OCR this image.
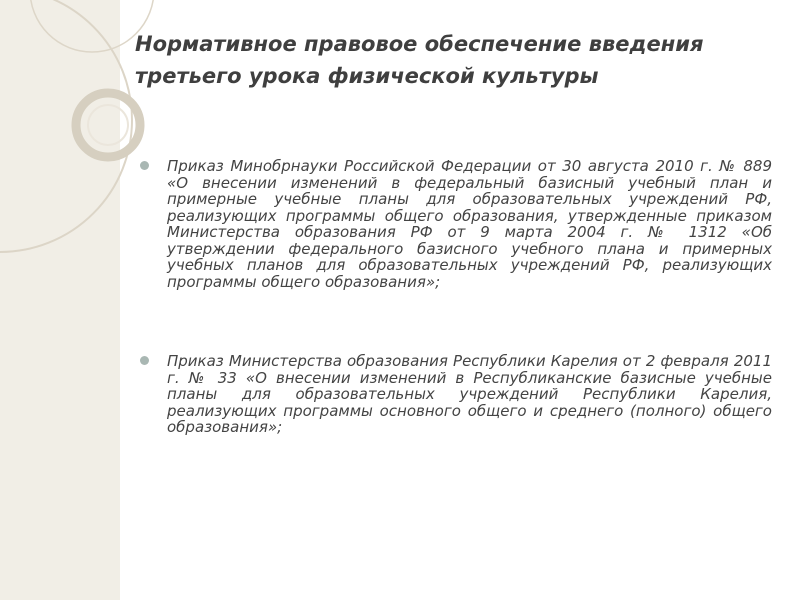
Нормативное правовое обеспечение введения третьего урока физической культуры
Приказ Минобрнауки Российской Федерации от 30 августа 2010 г. № 889 «О внесении изменений в федеральный базисный учебный план и примерные учебные планы для образовательных учреждений РФ, реализующих программы общего образования, утвержденные приказом Министерства образования РФ от 9 марта 2004 г. № 1312 «Об утверждении федерального базисного учебного плана и примерных учебных планов для образовательных учреждений РФ, реализующих программы общего образования»;
Приказ Министерства образования Республики Карелия от 2 февраля 2011 г. № 33 «О внесении изменений в Республиканские базисные учебные планы для образовательных учреждений Республики Карелия, реализующих программы основного общего и среднего (полного) общего образования»;
